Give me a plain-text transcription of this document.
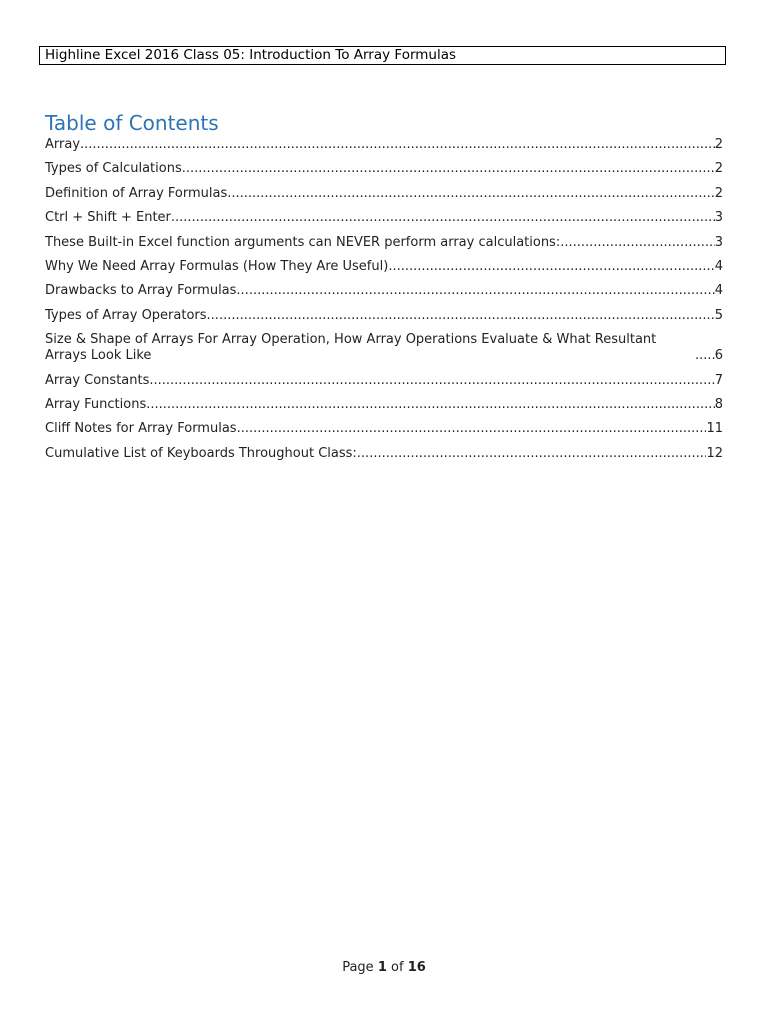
Highline Excel 2016 Class 05: Introduction To Array Formulas
Table of Contents
Array .....	2
Types of Calculations .....	2
Definition of Array Formulas .....	2
Ctrl + Shift + Enter .....	3
These Built-in Excel function arguments can NEVER perform array calculations: .....	3
Why We Need Array Formulas (How They Are Useful) .....	4
Drawbacks to Array Formulas .....	4
Types of Array Operators .....	5
Size & Shape of Arrays For Array Operation, How Array Operations Evaluate & What Resultant Arrays Look Like .....	6
Array Constants .....	7
Array Functions .....	8
Cliff Notes for Array Formulas .....	11
Cumulative List of Keyboards Throughout Class: .....	12
Page 1 of 16
